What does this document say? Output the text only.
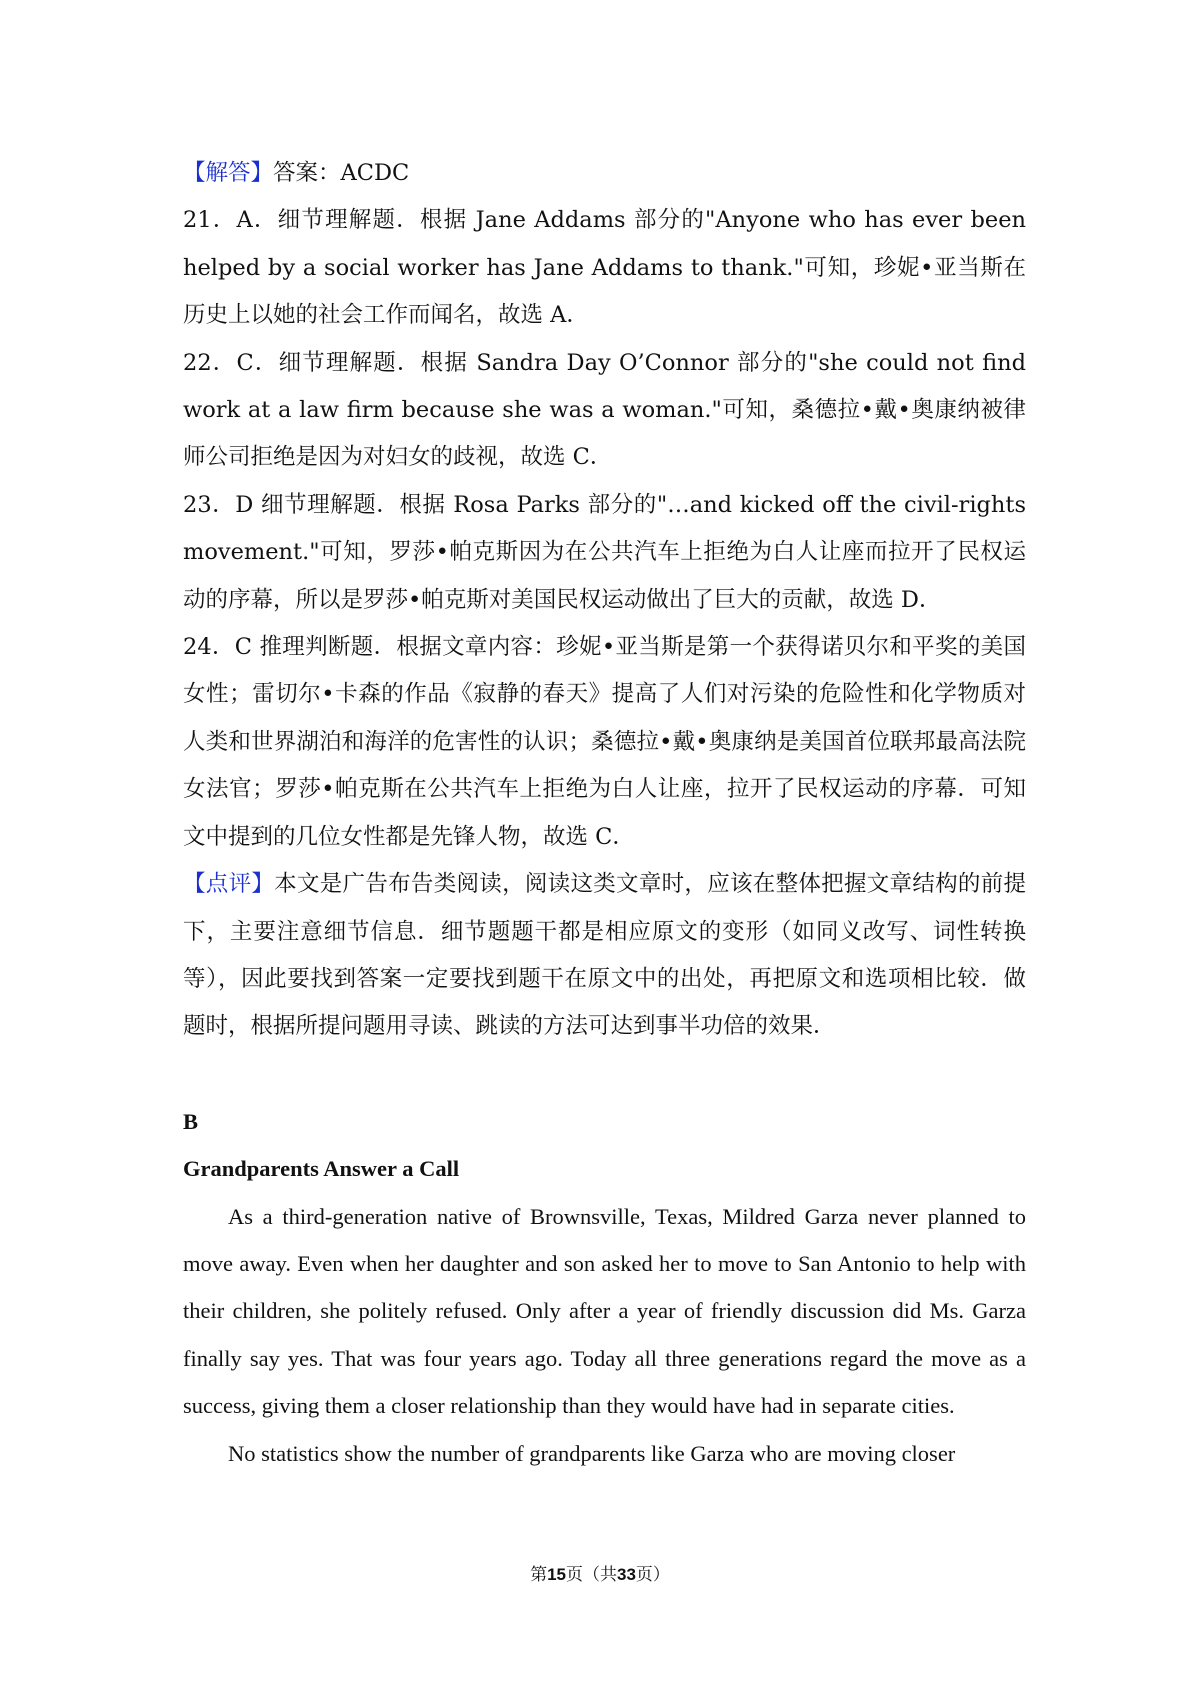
【解答】答案：ACDC

21．A．细节理解题．根据 Jane Addams 部分的"Anyone who has ever been helped by a social worker has Jane Addams to thank."可知，珍妮•亚当斯在历史上以她的社会工作而闻名，故选 A．

22．C．细节理解题．根据 Sandra Day O’Connor 部分的"she could not find work at a law firm because she was a woman."可知，桑德拉•戴•奥康纳被律师公司拒绝是因为对妇女的歧视，故选 C．

23．D 细节理解题．根据 Rosa Parks 部分的"…and kicked off the civil-rights movement."可知，罗莎•帕克斯因为在公共汽车上拒绝为白人让座而拉开了民权运动的序幕，所以是罗莎•帕克斯对美国民权运动做出了巨大的贡献，故选 D．

24．C 推理判断题．根据文章内容：珍妮•亚当斯是第一个获得诺贝尔和平奖的美国女性；雷切尔•卡森的作品《寂静的春天》提高了人们对污染的危险性和化学物质对人类和世界湖泊和海洋的危害性的认识；桑德拉•戴•奥康纳是美国首位联邦最高法院女法官；罗莎•帕克斯在公共汽车上拒绝为白人让座，拉开了民权运动的序幕．可知文中提到的几位女性都是先锋人物，故选 C．

【点评】本文是广告布告类阅读，阅读这类文章时，应该在整体把握文章结构的前提下，主要注意细节信息．细节题题干都是相应原文的变形（如同义改写、词性转换等），因此要找到答案一定要找到题干在原文中的出处，再把原文和选项相比较．做题时，根据所提问题用寻读、跳读的方法可达到事半功倍的效果．

B

Grandparents Answer a Call

As a third-generation native of Brownsville, Texas, Mildred Garza never planned to move away. Even when her daughter and son asked her to move to San Antonio to help with their children, she politely refused. Only after a year of friendly discussion did Ms. Garza finally say yes. That was four years ago. Today all three generations regard the move as a success, giving them a closer relationship than they would have had in separate cities.

No statistics show the number of grandparents like Garza who are moving closer

第15页（共33页）
